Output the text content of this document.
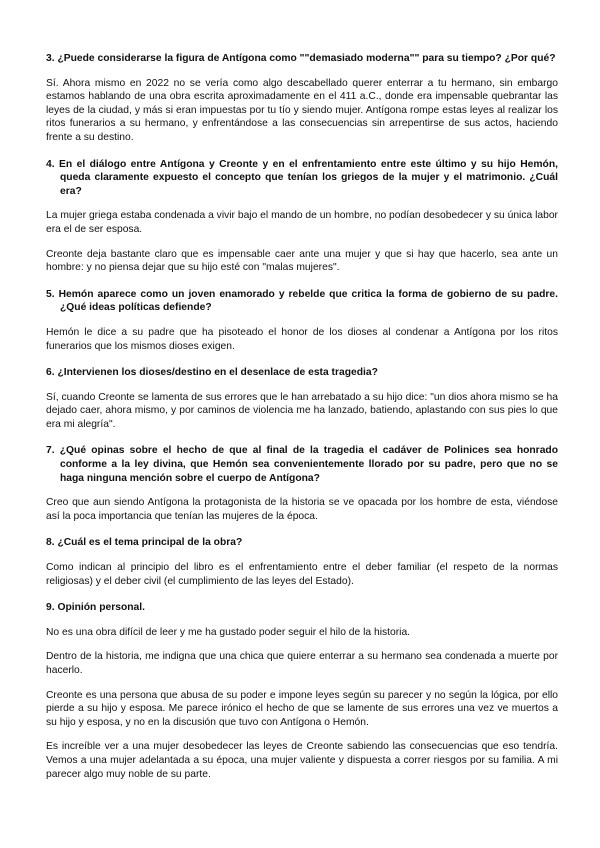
3. ¿Puede considerarse la figura de Antígona como ""demasiado moderna"" para su tiempo? ¿Por qué?

Sí. Ahora mismo en 2022 no se vería como algo descabellado querer enterrar a tu hermano, sin embargo estamos hablando de una obra escrita aproximadamente en el 411 a.C., donde era impensable quebrantar las leyes de la ciudad, y más si eran impuestas por tu tío y siendo mujer. Antígona rompe estas leyes al realizar los ritos funerarios a su hermano, y enfrentándose a las consecuencias sin arrepentirse de sus actos, haciendo frente a su destino.

4. En el diálogo entre Antígona y Creonte y en el enfrentamiento entre este último y su hijo Hemón, queda claramente expuesto el concepto que tenían los griegos de la mujer y el matrimonio. ¿Cuál era?

La mujer griega estaba condenada a vivir bajo el mando de un hombre, no podían desobedecer y su única labor era el de ser esposa.

Creonte deja bastante claro que es impensable caer ante una mujer y que si hay que hacerlo, sea ante un hombre: y no piensa dejar que su hijo esté con "malas mujeres".

5. Hemón aparece como un joven enamorado y rebelde que critica la forma de gobierno de su padre. ¿Qué ideas políticas defiende?

Hemón le dice a su padre que ha pisoteado el honor de los dioses al condenar a Antígona por los ritos funerarios que los mismos dioses exigen.

6. ¿Intervienen los dioses/destino en el desenlace de esta tragedia?

Sí, cuando Creonte se lamenta de sus errores que le han arrebatado a su hijo dice: "un dios ahora mismo se ha dejado caer, ahora mismo, y por caminos de violencia me ha lanzado, batiendo, aplastando con sus pies lo que era mi alegría".

7. ¿Qué opinas sobre el hecho de que al final de la tragedia el cadáver de Polinices sea honrado conforme a la ley divina, que Hemón sea convenientemente llorado por su padre, pero que no se haga ninguna mención sobre el cuerpo de Antígona?

Creo que aun siendo Antígona la protagonista de la historia se ve opacada por los hombre de esta, viéndose así la poca importancia que tenían las mujeres de la época.

8. ¿Cuál es el tema principal de la obra?

Como indican al principio del libro es el enfrentamiento entre el deber familiar (el respeto de la normas religiosas) y el deber civil (el cumplimiento de las leyes del Estado).

9. Opinión personal.

No es una obra difícil de leer y me ha gustado poder seguir el hilo de la historia.

Dentro de la historia, me indigna que una chica que quiere enterrar a su hermano sea condenada a muerte por hacerlo.

Creonte es una persona que abusa de su poder e impone leyes según su parecer y no según la lógica, por ello pierde a su hijo y esposa. Me parece irónico el hecho de que se lamente de sus errores una vez ve muertos a su hijo y esposa, y no en la discusión que tuvo con Antígona o Hemón.

Es increíble ver a una mujer desobedecer las leyes de Creonte sabiendo las consecuencias que eso tendría. Vemos a una mujer adelantada a su época, una mujer valiente y dispuesta a correr riesgos por su familia. A mi parecer algo muy noble de su parte.
